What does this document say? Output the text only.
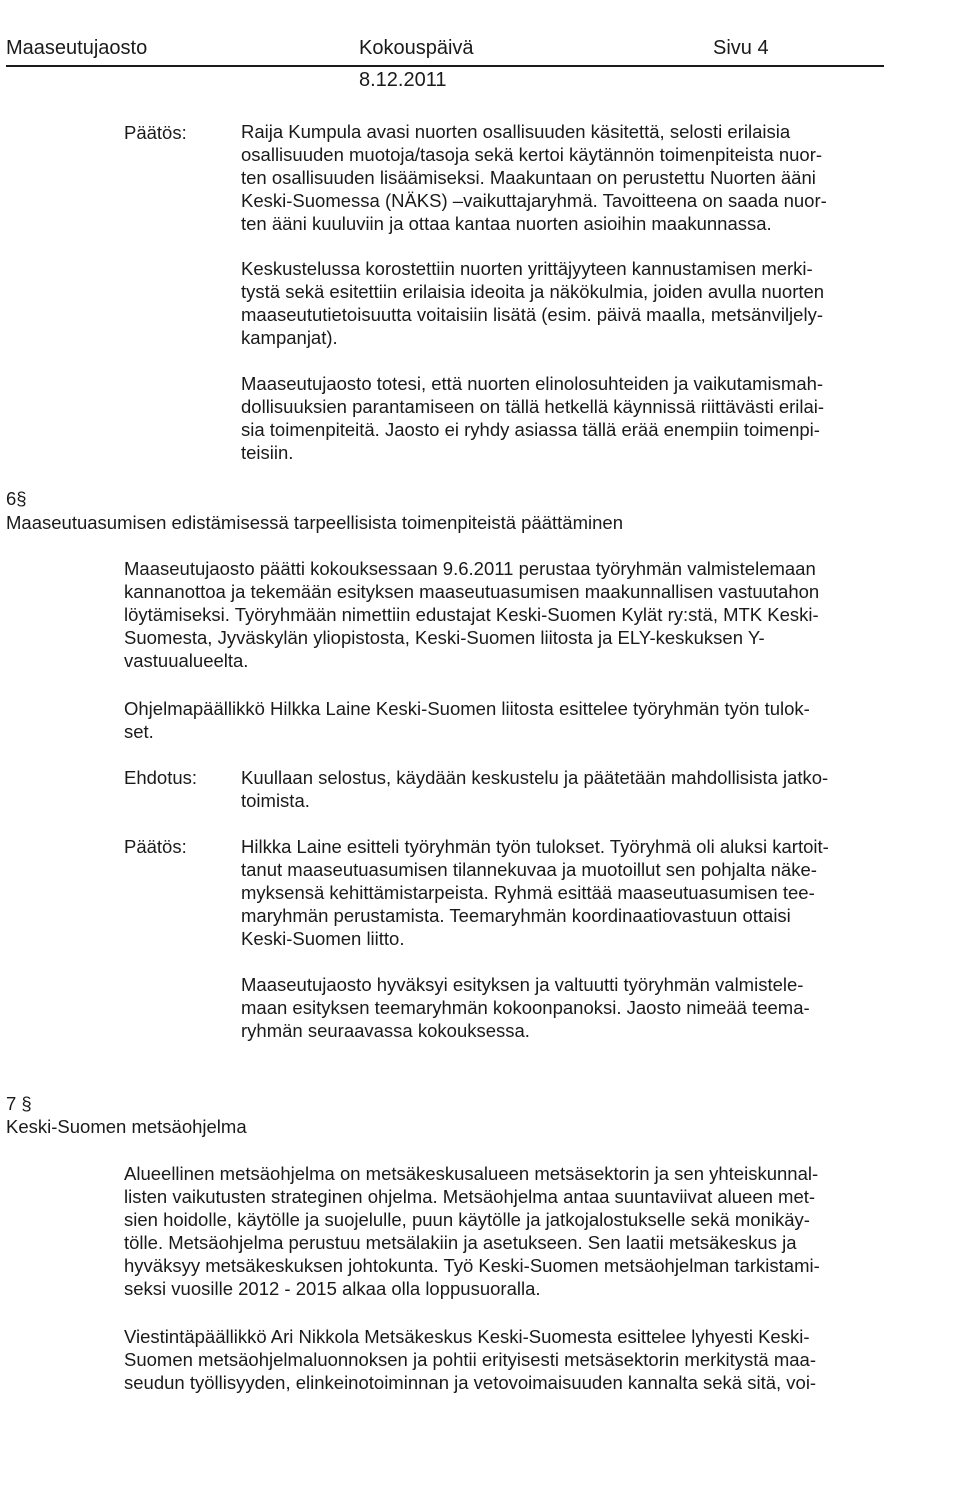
Maaseutujaosto	Kokouspäivä	Sivu 4
8.12.2011
Päätös:	Raija Kumpula avasi nuorten osallisuuden käsitettä, selosti erilaisia

osallisuuden muotoja/tasoja sekä kertoi käytännön toimenpiteista nuor-

ten osallisuuden lisäämiseksi. Maakuntaan on perustettu Nuorten ääni

Keski-Suomessa (NÄKS) –vaikuttajaryhmä. Tavoitteena on saada nuor-

ten ääni kuuluviin ja ottaa kantaa nuorten asioihin maakunnassa.

Keskustelussa korostettiin nuorten yrittäjyyteen kannustamisen merki-

tystä sekä esitettiin erilaisia ideoita ja näkökulmia, joiden avulla nuorten

maaseututietoisuutta voitaisiin lisätä (esim. päivä maalla, metsänviljely-

kampanjat).

Maaseutujaosto totesi, että nuorten elinolosuhteiden ja vaikutamismah-

dollisuuksien parantamiseen on tällä hetkellä käynnissä riittävästi erilai-

sia toimenpiteitä. Jaosto ei ryhdy asiassa tällä erää enempiin toimenpi-

teisiin.

6§
Maaseutuasumisen edistämisessä tarpeellisista toimenpiteistä päättäminen

Maaseutujaosto päätti kokouksessaan 9.6.2011 perustaa työryhmän valmistelemaan

kannanottoa ja tekemään esityksen maaseutuasumisen maakunnallisen vastuutahon

löytämiseksi. Työryhmään nimettiin edustajat Keski-Suomen Kylät ry:stä, MTK Keski-

Suomesta, Jyväskylän yliopistosta, Keski-Suomen liitosta ja ELY-keskuksen Y-

vastuualueelta.

Ohjelmapäällikkö Hilkka Laine Keski-Suomen liitosta esittelee työryhmän työn tulok-

set.

Ehdotus: Kuullaan selostus, käydään keskustelu ja päätetään mahdollisista jatko-

toimista.

Päätös:	Hilkka Laine esitteli työryhmän työn tulokset. Työryhmä oli aluksi kartoit-

tanut maaseutuasumisen tilannekuvaa ja muotoillut sen pohjalta näke-

myksensä kehittämistarpeista. Ryhmä esittää maaseutuasumisen tee-

maryhmän perustamista. Teemaryhmän koordinaatiovastuun ottaisi

Keski-Suomen liitto.

Maaseutujaosto hyväksyi esityksen ja valtuutti työryhmän valmistele-

maan esityksen teemaryhmän kokoonpanoksi. Jaosto nimeää teema-

ryhmän seuraavassa kokouksessa.

7 §
Keski-Suomen metsäohjelma

Alueellinen metsäohjelma on metsäkeskusalueen metsäsektorin ja sen yhteiskunnal-

listen vaikutusten strateginen ohjelma. Metsäohjelma antaa suuntaviivat alueen met-

sien hoidolle, käytölle ja suojelulle, puun käytölle ja jatkojalostukselle sekä monikäy-

tölle. Metsäohjelma perustuu metsälakiin ja asetukseen. Sen laatii metsäkeskus ja

hyväksyy metsäkeskuksen johtokunta. Työ Keski-Suomen metsäohjelman tarkistami-

seksi vuosille 2012 - 2015 alkaa olla loppusuoralla.

Viestintäpäällikkö Ari Nikkola Metsäkeskus Keski-Suomesta esittelee lyhyesti Keski-

Suomen metsäohjelmaluonnoksen ja pohtii erityisesti metsäsektorin merkitystä maa-

seudun työllisyyden, elinkeinotoiminnan ja vetovoimaisuuden kannalta sekä sitä, voi-
